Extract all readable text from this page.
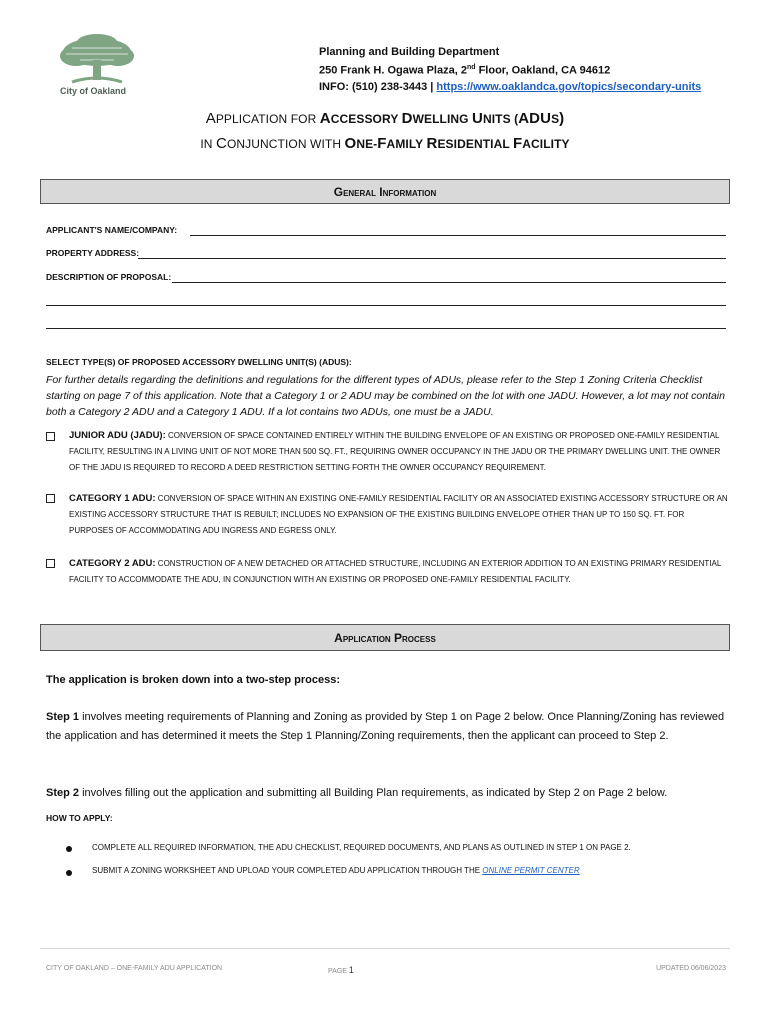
City of Oakland
Planning and Building Department
250 Frank H. Ogawa Plaza, 2nd Floor, Oakland, CA 94612
INFO: (510) 238-3443 | https://www.oaklandca.gov/topics/secondary-units
APPLICATION FOR ACCESSORY DWELLING UNITS (ADUS)
IN CONJUNCTION WITH ONE-FAMILY RESIDENTIAL FACILITY
General Information
APPLICANT'S NAME/COMPANY:
PROPERTY ADDRESS:
DESCRIPTION OF PROPOSAL:
SELECT TYPE(S) OF PROPOSED ACCESSORY DWELLING UNIT(S) (ADUS):
For further details regarding the definitions and regulations for the different types of ADUs, please refer to the Step 1 Zoning Criteria Checklist starting on page 7 of this application. Note that a Category 1 or 2 ADU may be combined on the lot with one JADU. However, a lot may not contain both a Category 2 ADU and a Category 1 ADU. If a lot contains two ADUs, one must be a JADU.
JUNIOR ADU (JADU): CONVERSION OF SPACE CONTAINED ENTIRELY WITHIN THE BUILDING ENVELOPE OF AN EXISTING OR PROPOSED ONE-FAMILY RESIDENTIAL FACILITY, RESULTING IN A LIVING UNIT OF NOT MORE THAN 500 SQ. FT., REQUIRING OWNER OCCUPANCY IN THE JADU OR THE PRIMARY DWELLING UNIT. THE OWNER OF THE JADU IS REQUIRED TO RECORD A DEED RESTRICTION SETTING FORTH THE OWNER OCCUPANCY REQUIREMENT.
CATEGORY 1 ADU: CONVERSION OF SPACE WITHIN AN EXISTING ONE-FAMILY RESIDENTIAL FACILITY OR AN ASSOCIATED EXISTING ACCESSORY STRUCTURE OR AN EXISTING ACCESSORY STRUCTURE THAT IS REBUILT; INCLUDES NO EXPANSION OF THE EXISTING BUILDING ENVELOPE OTHER THAN UP TO 150 SQ. FT. FOR PURPOSES OF ACCOMMODATING ADU INGRESS AND EGRESS ONLY.
CATEGORY 2 ADU: CONSTRUCTION OF A NEW DETACHED OR ATTACHED STRUCTURE, INCLUDING AN EXTERIOR ADDITION TO AN EXISTING PRIMARY RESIDENTIAL FACILITY TO ACCOMMODATE THE ADU, IN CONJUNCTION WITH AN EXISTING OR PROPOSED ONE-FAMILY RESIDENTIAL FACILITY.
Application Process
The application is broken down into a two-step process:
Step 1 involves meeting requirements of Planning and Zoning as provided by Step 1 on Page 2 below. Once Planning/Zoning has reviewed the application and has determined it meets the Step 1 Planning/Zoning requirements, then the applicant can proceed to Step 2.
Step 2 involves filling out the application and submitting all Building Plan requirements, as indicated by Step 2 on Page 2 below.
HOW TO APPLY:
COMPLETE ALL REQUIRED INFORMATION, THE ADU CHECKLIST, REQUIRED DOCUMENTS, AND PLANS AS OUTLINED IN STEP 1 ON PAGE 2.
SUBMIT A ZONING WORKSHEET AND UPLOAD YOUR COMPLETED ADU APPLICATION THROUGH THE ONLINE PERMIT CENTER
CITY OF OAKLAND – ONE-FAMILY ADU APPLICATION	PAGE 1	UPDATED 06/06/2023
